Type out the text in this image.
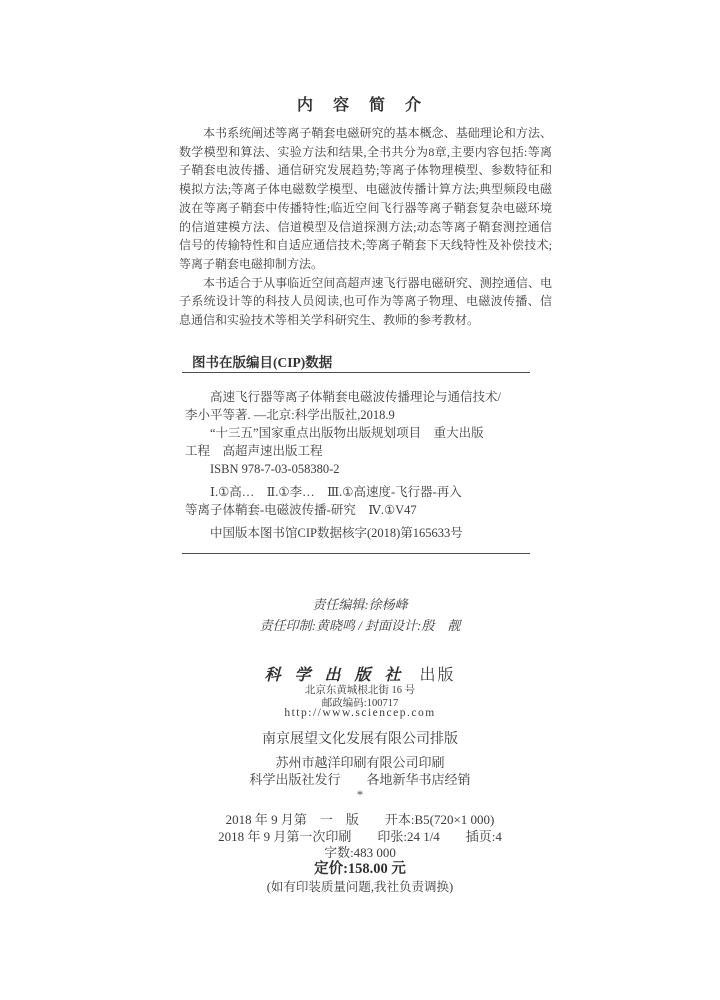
内　容　简　介

本书系统阐述等离子鞘套电磁研究的基本概念、基础理论和方法、数学模型和算法、实验方法和结果,全书共分为8章,主要内容包括:等离子鞘套电波传播、通信研究发展趋势;等离子体物理模型、参数特征和模拟方法;等离子体电磁数学模型、电磁波传播计算方法;典型频段电磁波在等离子鞘套中传播特性;临近空间飞行器等离子鞘套复杂电磁环境的信道建模方法、信道模型及信道探测方法;动态等离子鞘套测控通信信号的传输特性和自适应通信技术;等离子鞘套下天线特性及补偿技术;等离子鞘套电磁抑制方法。

本书适合于从事临近空间高超声速飞行器电磁研究、测控通信、电子系统设计等的科技人员阅读,也可作为等离子物理、电磁波传播、信息通信和实验技术等相关学科研究生、教师的参考教材。

图书在版编目(CIP)数据
高速飞行器等离子体鞘套电磁波传播理论与通信技术/
李小平等著. —北京:科学出版社,2018.9
“十三五”国家重点出版物出版规划项目　重大出版
工程　高超声速出版工程
ISBN 978-7-03-058380-2
Ⅰ.①高…　Ⅱ.①李…　Ⅲ.①高速度-飞行器-再入
等离子体鞘套-电磁波传播-研究　Ⅳ.①V47
中国版本图书馆CIP数据核字(2018)第165633号
责任编辑:徐杨峰
责任印制:黄晓鸣 / 封面设计:殷　靓
科 学 出 版 社 出版
北京东黄城根北街 16 号
邮政编码:100717
http://www.sciencep.com
南京展望文化发展有限公司排版
苏州市越洋印刷有限公司印刷
科学出版社发行　　各地新华书店经销
*
2018 年 9 月第　一　版　　开本:B5(720×1 000)
2018 年 9 月第一次印刷　　印张:24 1/4　　插页:4
字数:483 000
定价:158.00 元
(如有印装质量问题,我社负责调换)
